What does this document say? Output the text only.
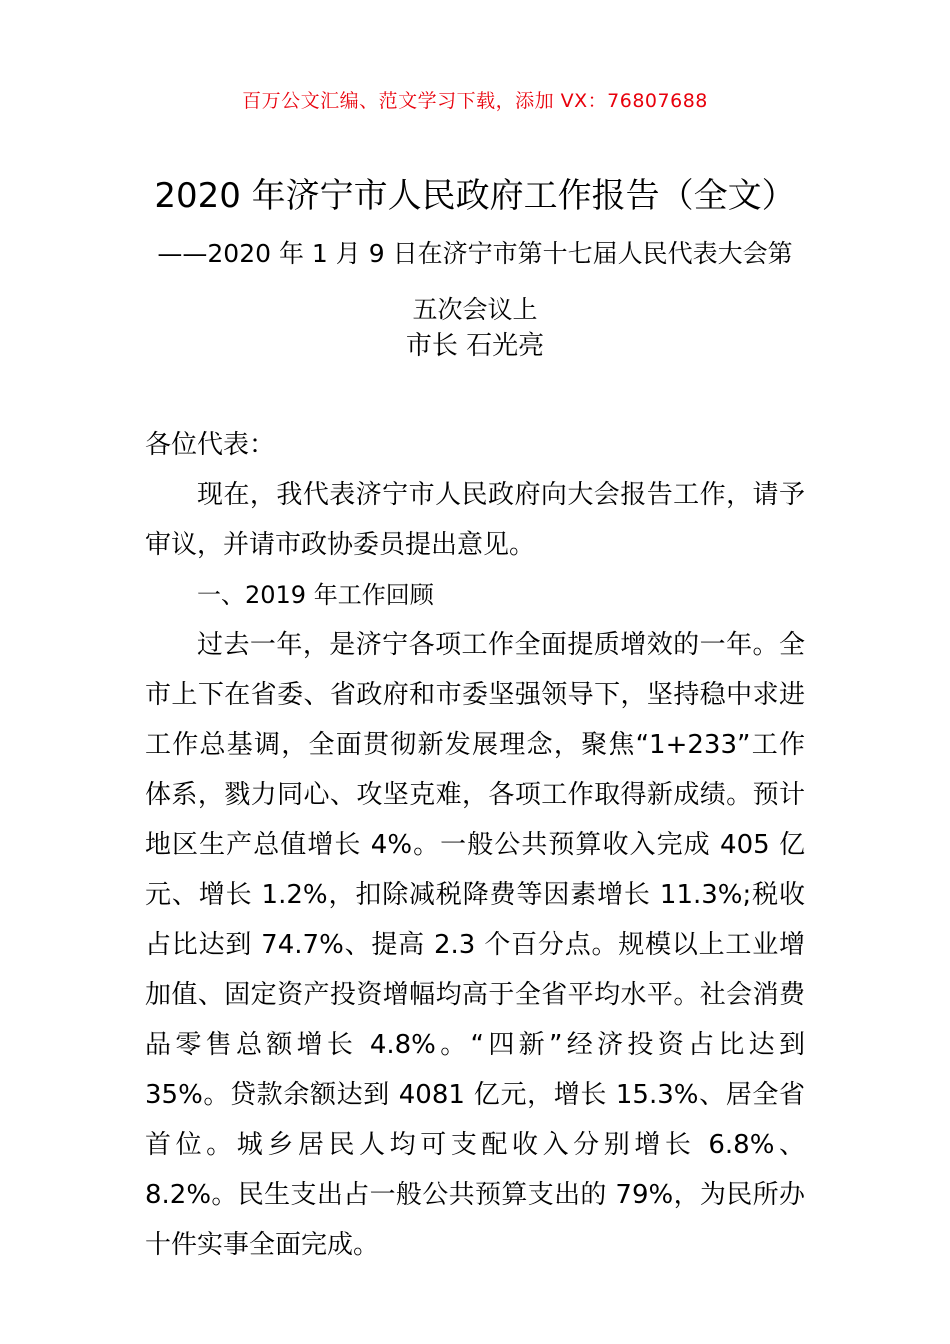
百万公文汇编、范文学习下载，添加 VX：76807688
2020 年济宁市人民政府工作报告（全文）
——2020 年 1 月 9 日在济宁市第十七届人民代表大会第五次会议上
市长 石光亮

各位代表：

现在，我代表济宁市人民政府向大会报告工作，请予审议，并请市政协委员提出意见。

一、2019 年工作回顾

过去一年，是济宁各项工作全面提质增效的一年。全市上下在省委、省政府和市委坚强领导下，坚持稳中求进工作总基调，全面贯彻新发展理念，聚焦“1+233”工作体系，戮力同心、攻坚克难，各项工作取得新成绩。预计地区生产总值增长 4%。一般公共预算收入完成 405 亿元、增长 1.2%，扣除减税降费等因素增长 11.3%;税收占比达到 74.7%、提高 2.3 个百分点。规模以上工业增加值、固定资产投资增幅均高于全省平均水平。社会消费品零售总额增长 4.8%。“四新”经济投资占比达到 35%。贷款余额达到 4081 亿元，增长 15.3%、居全省首位。城乡居民人均可支配收入分别增长 6.8%、8.2%。民生支出占一般公共预算支出的 79%，为民所办十件实事全面完成。
